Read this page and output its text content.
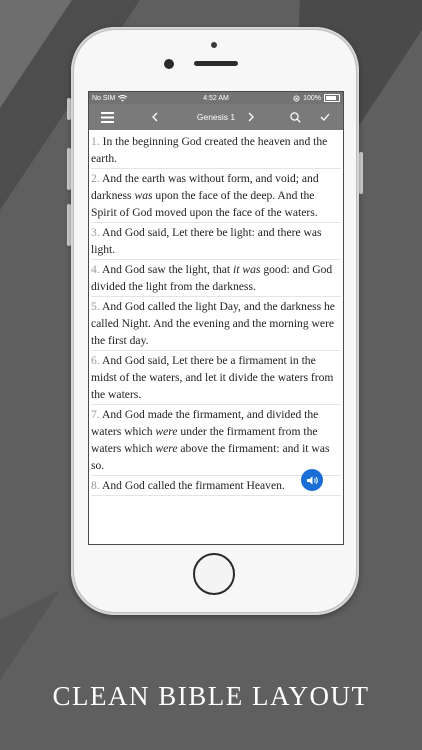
No SIM	4:52 AM	100%
Genesis 1
1. In the beginning God created the heaven and the earth.
2. And the earth was without form, and void; and darkness was upon the face of the deep. And the Spirit of God moved upon the face of the waters.
3. And God said, Let there be light: and there was light.
4. And God saw the light, that it was good: and God divided the light from the darkness.
5. And God called the light Day, and the darkness he called Night. And the evening and the morning were the first day.
6. And God said, Let there be a firmament in the midst of the waters, and let it divide the waters from the waters.
7. And God made the firmament, and divided the waters which were under the firmament from the waters which were above the firmament: and it was so.
8. And God called the firmament Heaven.
CLEAN BIBLE LAYOUT
